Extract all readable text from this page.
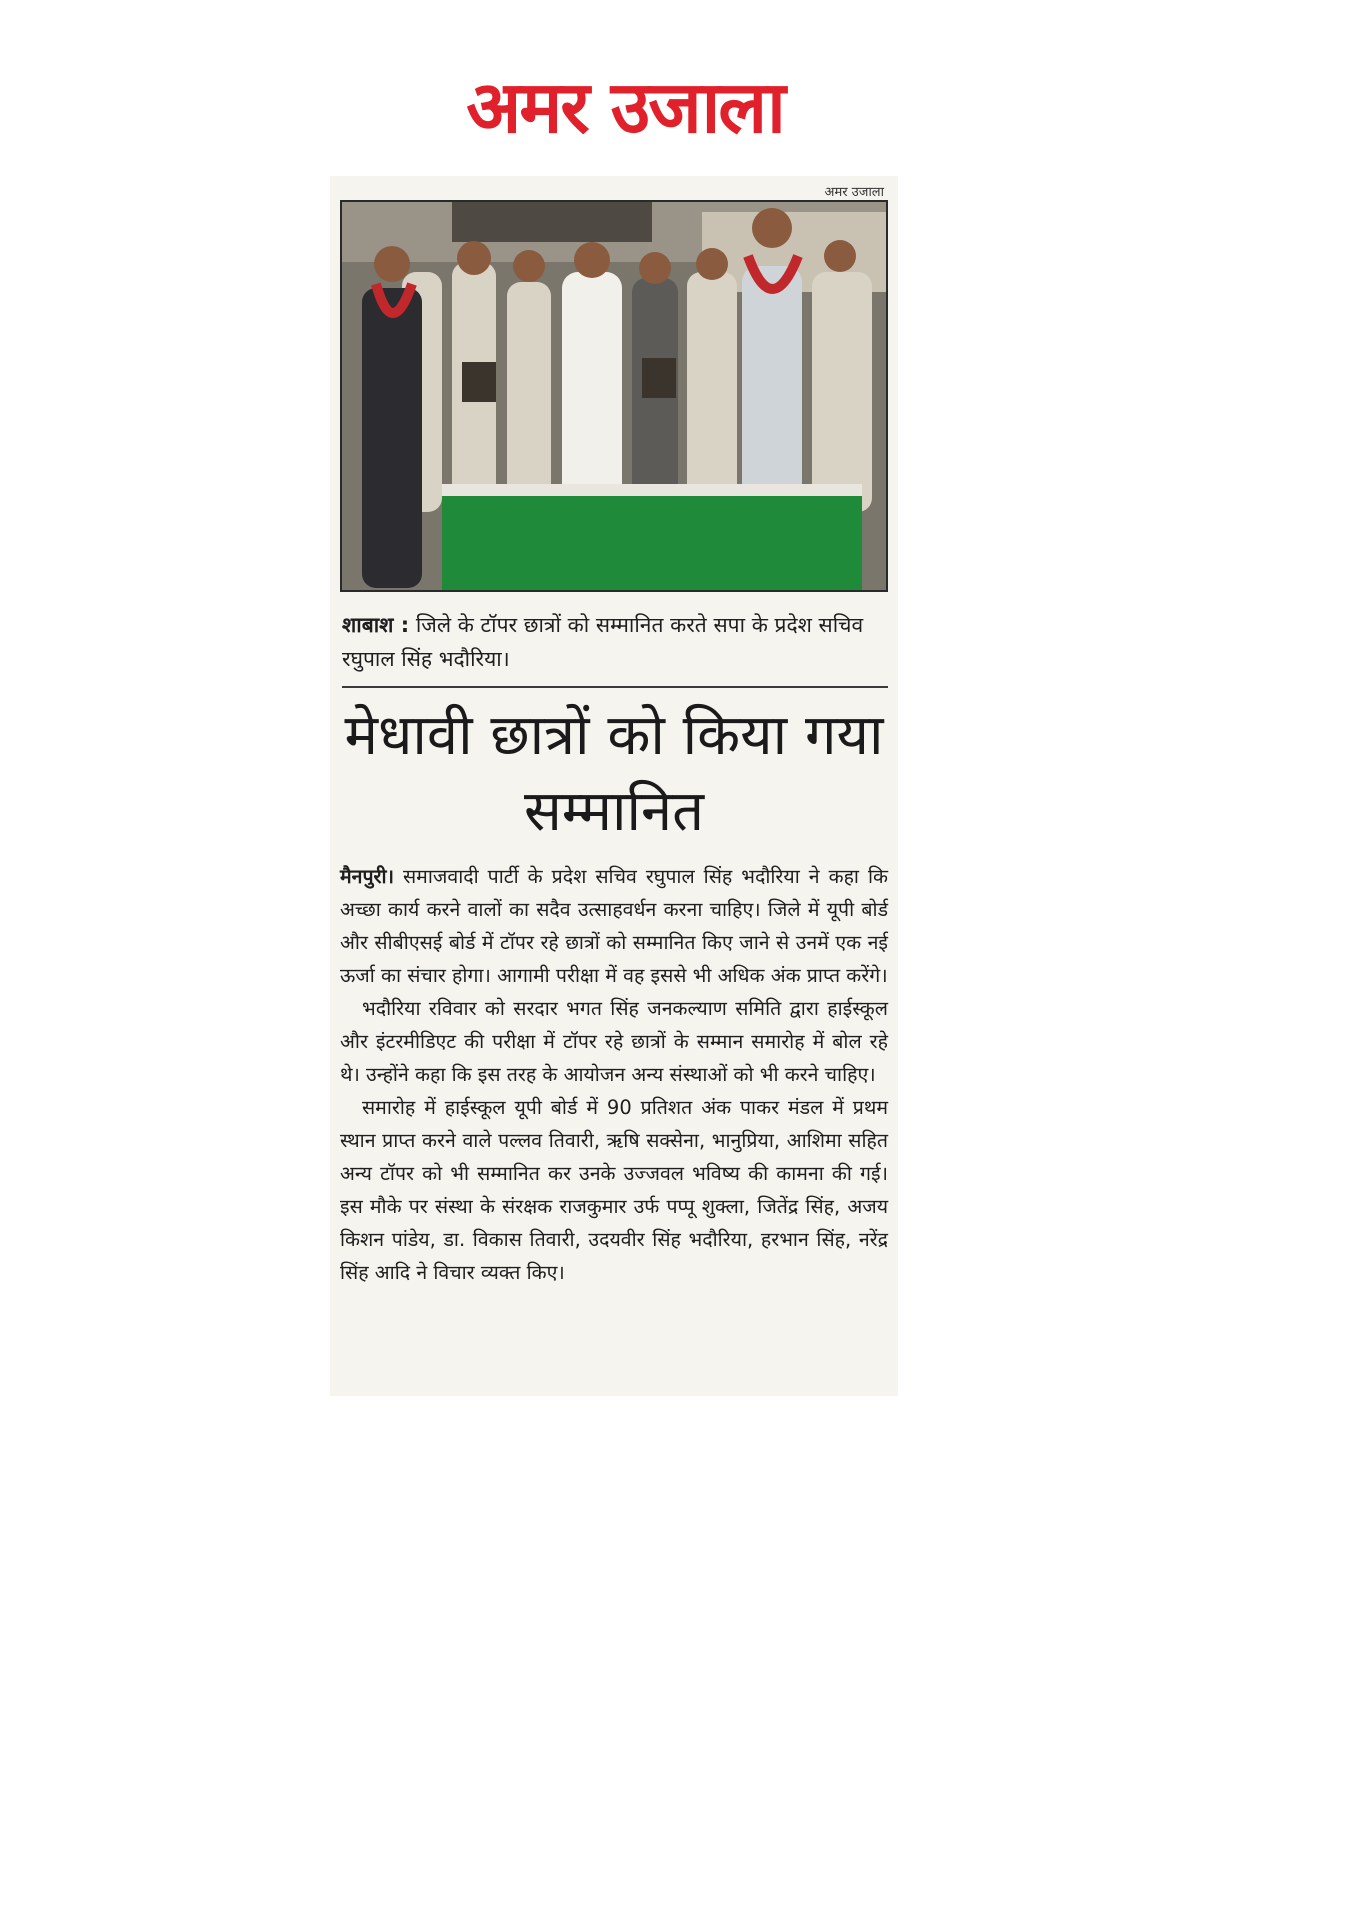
अमर उजाला
अमर उजाला
शाबाश : जिले के टॉपर छात्रों को सम्मानित करते सपा के प्रदेश सचिव रघुपाल सिंह भदौरिया।
मेधावी छात्रों को किया गया सम्मानित

मैनपुरी। समाजवादी पार्टी के प्रदेश सचिव रघुपाल सिंह भदौरिया ने कहा कि अच्छा कार्य करने वालों का सदैव उत्साहवर्धन करना चाहिए। जिले में यूपी बोर्ड और सीबीएसई बोर्ड में टॉपर रहे छात्रों को सम्मानित किए जाने से उनमें एक नई ऊर्जा का संचार होगा। आगामी परीक्षा में वह इससे भी अधिक अंक प्राप्त करेंगे।

भदौरिया रविवार को सरदार भगत सिंह जनकल्याण समिति द्वारा हाईस्कूल और इंटरमीडिएट की परीक्षा में टॉपर रहे छात्रों के सम्मान समारोह में बोल रहे थे। उन्होंने कहा कि इस तरह के आयोजन अन्य संस्थाओं को भी करने चाहिए।

समारोह में हाईस्कूल यूपी बोर्ड में 90 प्रतिशत अंक पाकर मंडल में प्रथम स्थान प्राप्त करने वाले पल्लव तिवारी, ऋषि सक्सेना, भानुप्रिया, आशिमा सहित अन्य टॉपर को भी सम्मानित कर उनके उज्जवल भविष्य की कामना की गई। इस मौके पर संस्था के संरक्षक राजकुमार उर्फ पप्पू शुक्ला, जितेंद्र सिंह, अजय किशन पांडेय, डा. विकास तिवारी, उदयवीर सिंह भदौरिया, हरभान सिंह, नरेंद्र सिंह आदि ने विचार व्यक्त किए।
